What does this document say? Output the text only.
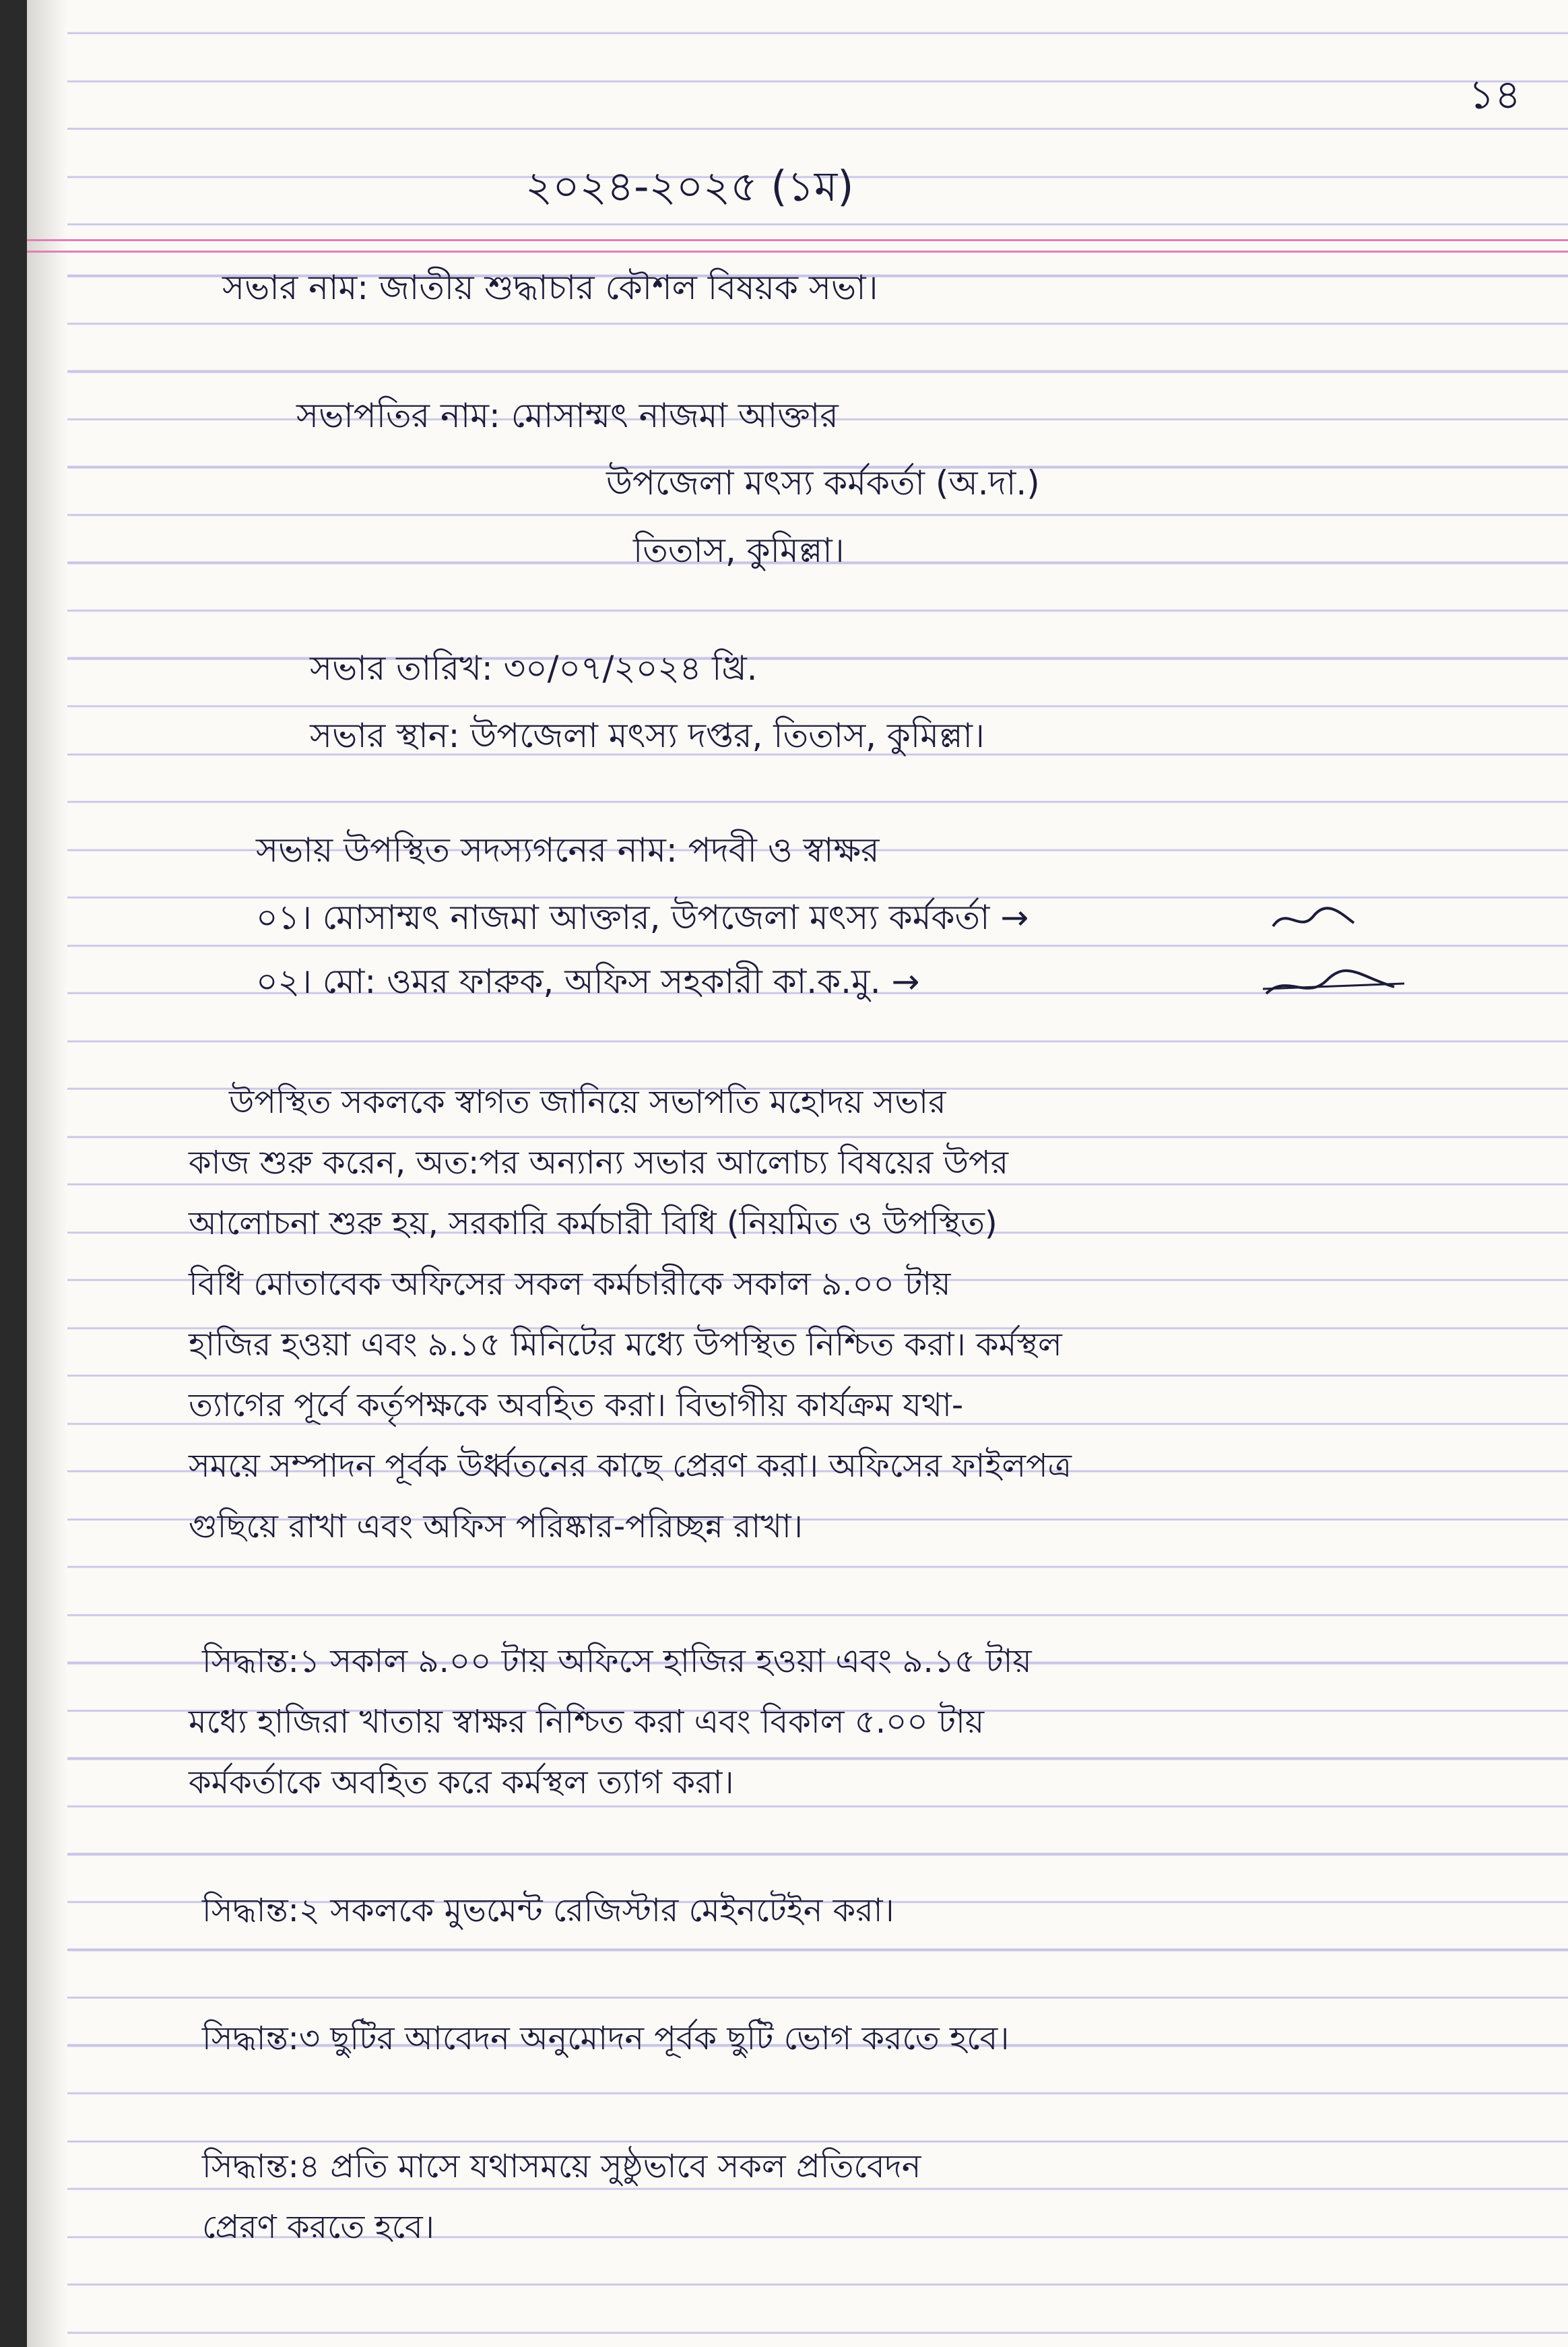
১৪
২০২৪-২০২৫ (১ম)
সভার নাম: জাতীয় শুদ্ধাচার কৌশল বিষয়ক সভা।
সভাপতির নাম: মোসাম্মৎ নাজমা আক্তার
উপজেলা মৎস্য কর্মকর্তা (অ.দা.)
তিতাস, কুমিল্লা।
সভার তারিখ: ৩০/০৭/২০২৪ খ্রি.
সভার স্থান: উপজেলা মৎস্য দপ্তর, তিতাস, কুমিল্লা।
সভায় উপস্থিত সদস্যগনের নাম: পদবী ও স্বাক্ষর
০১। মোসাম্মৎ নাজমা আক্তার, উপজেলা মৎস্য কর্মকর্তা →
০২। মো: ওমর ফারুক, অফিস সহকারী কা.ক.মু. →
উপস্থিত সকলকে স্বাগত জানিয়ে সভাপতি মহোদয় সভার
কাজ শুরু করেন, অত:পর অন্যান্য সভার আলোচ্য বিষয়ের উপর
আলোচনা শুরু হয়, সরকারি কর্মচারী বিধি (নিয়মিত ও উপস্থিত)
বিধি মোতাবেক অফিসের সকল কর্মচারীকে সকাল ৯.০০ টায়
হাজির হওয়া এবং ৯.১৫ মিনিটের মধ্যে উপস্থিত নিশ্চিত করা। কর্মস্থল
ত্যাগের পূর্বে কর্তৃপক্ষকে অবহিত করা। বিভাগীয় কার্যক্রম যথা-
সময়ে সম্পাদন পূর্বক উর্ধ্বতনের কাছে প্রেরণ করা। অফিসের ফাইলপত্র
গুছিয়ে রাখা এবং অফিস পরিষ্কার-পরিচ্ছন্ন রাখা।
সিদ্ধান্ত:১ সকাল ৯.০০ টায় অফিসে হাজির হওয়া এবং ৯.১৫ টায়
মধ্যে হাজিরা খাতায় স্বাক্ষর নিশ্চিত করা এবং বিকাল ৫.০০ টায়
কর্মকর্তাকে অবহিত করে কর্মস্থল ত্যাগ করা।
সিদ্ধান্ত:২ সকলকে মুভমেন্ট রেজিস্টার মেইনটেইন করা।
সিদ্ধান্ত:৩ ছুটির আবেদন অনুমোদন পূর্বক ছুটি ভোগ করতে হবে।
সিদ্ধান্ত:৪ প্রতি মাসে যথাসময়ে সুষ্ঠুভাবে সকল প্রতিবেদন
প্রেরণ করতে হবে।
